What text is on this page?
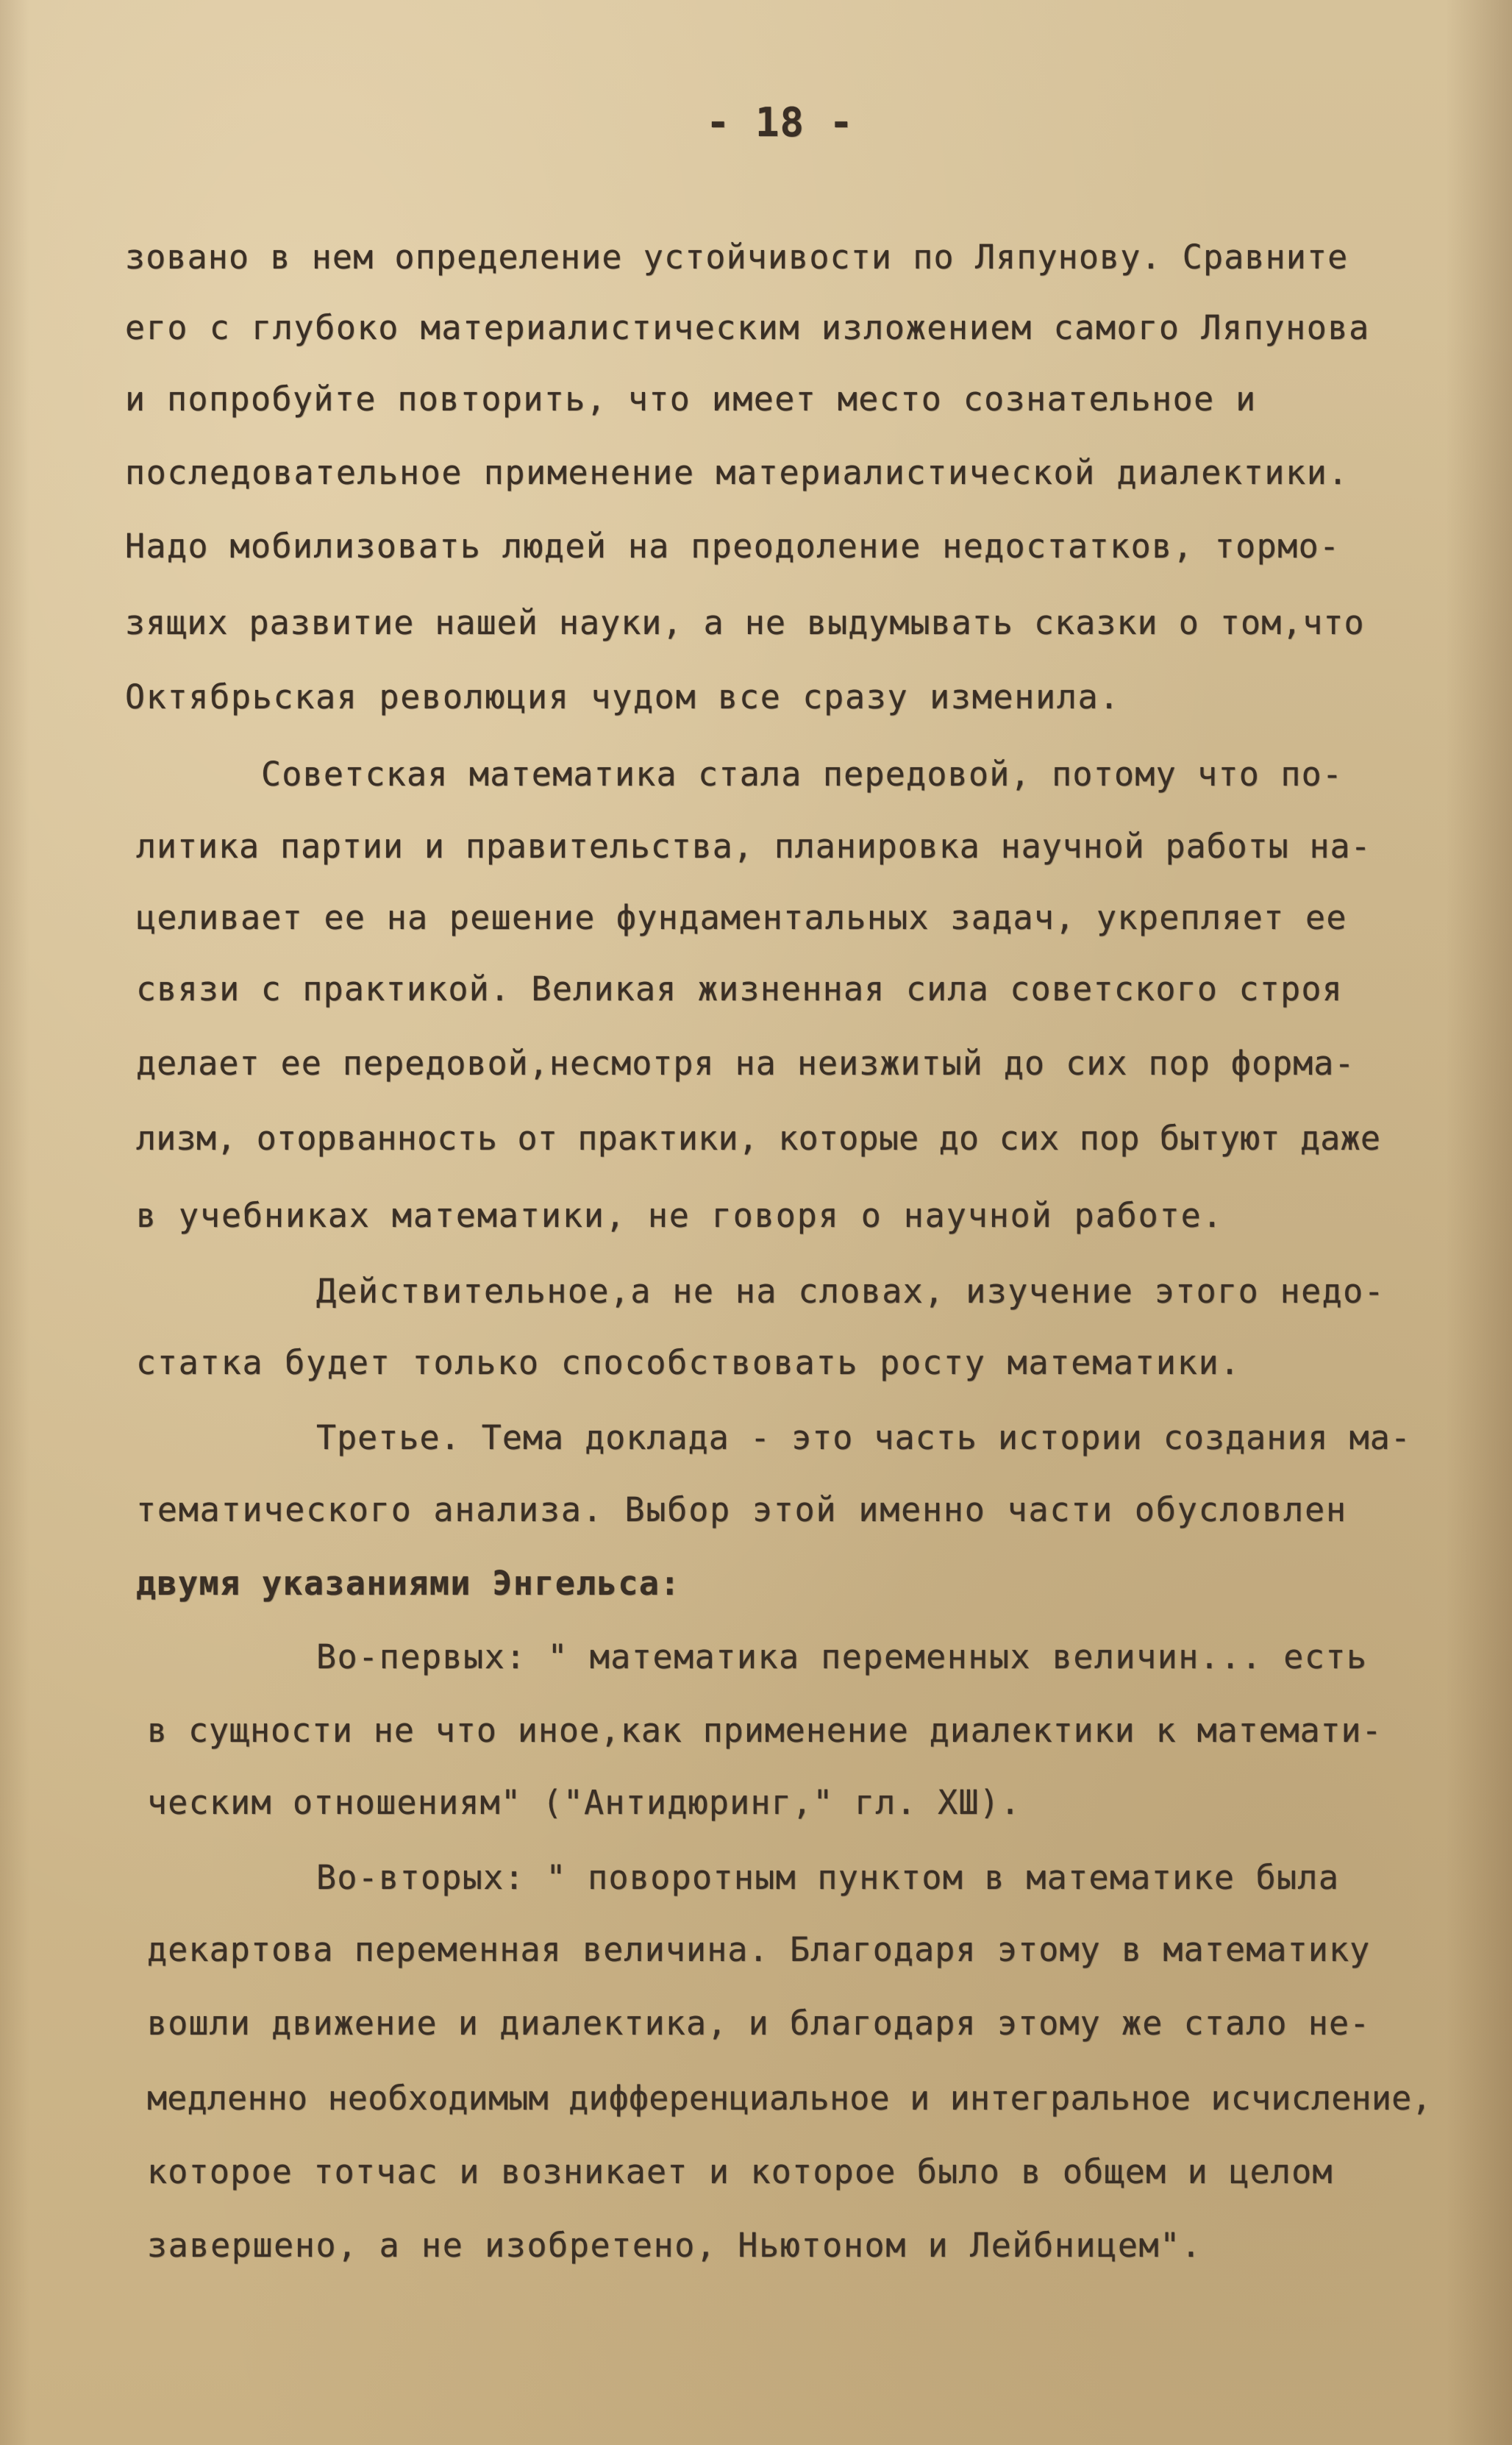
- 18 -
зовано в нем определение устойчивости по Ляпунову. Сравните
его с глубоко материалистическим изложением самого Ляпунова
и попробуйте повторить, что имеет место сознательное и
последовательное применение материалистической диалектики.
Надо мобилизовать людей на преодоление недостатков, тормо-
зящих развитие нашей науки, а не выдумывать сказки о том,что
Октябрьская революция чудом все сразу изменила.
Советская математика стала передовой, потому что по-
литика партии и правительства, планировка научной работы на-
целивает ее на решение фундаментальных задач, укрепляет ее
связи с практикой. Великая жизненная сила советского строя
делает ее передовой,несмотря на неизжитый до сих пор форма-
лизм, оторванность от практики, которые до сих пор бытуют даже
в учебниках математики, не говоря о научной работе.
Действительное,а не на словах, изучение этого недо-
статка будет только способствовать росту математики.
Третье. Тема доклада - это часть истории создания ма-
тематического анализа. Выбор этой именно части обусловлен
двумя указаниями Энгельса:
Во-первых: " математика переменных величин... есть
в сущности не что иное,как применение диалектики к математи-
ческим отношениям" ("Антидюринг," гл. ХШ).
Во-вторых: " поворотным пунктом в математике была
декартова переменная величина. Благодаря этому в математику
вошли движение и диалектика, и благодаря этому же стало не-
медленно необходимым дифференциальное и интегральное исчисление,
которое тотчас и возникает и которое было в общем и целом
завершено, а не изобретено, Ньютоном и Лейбницем".
